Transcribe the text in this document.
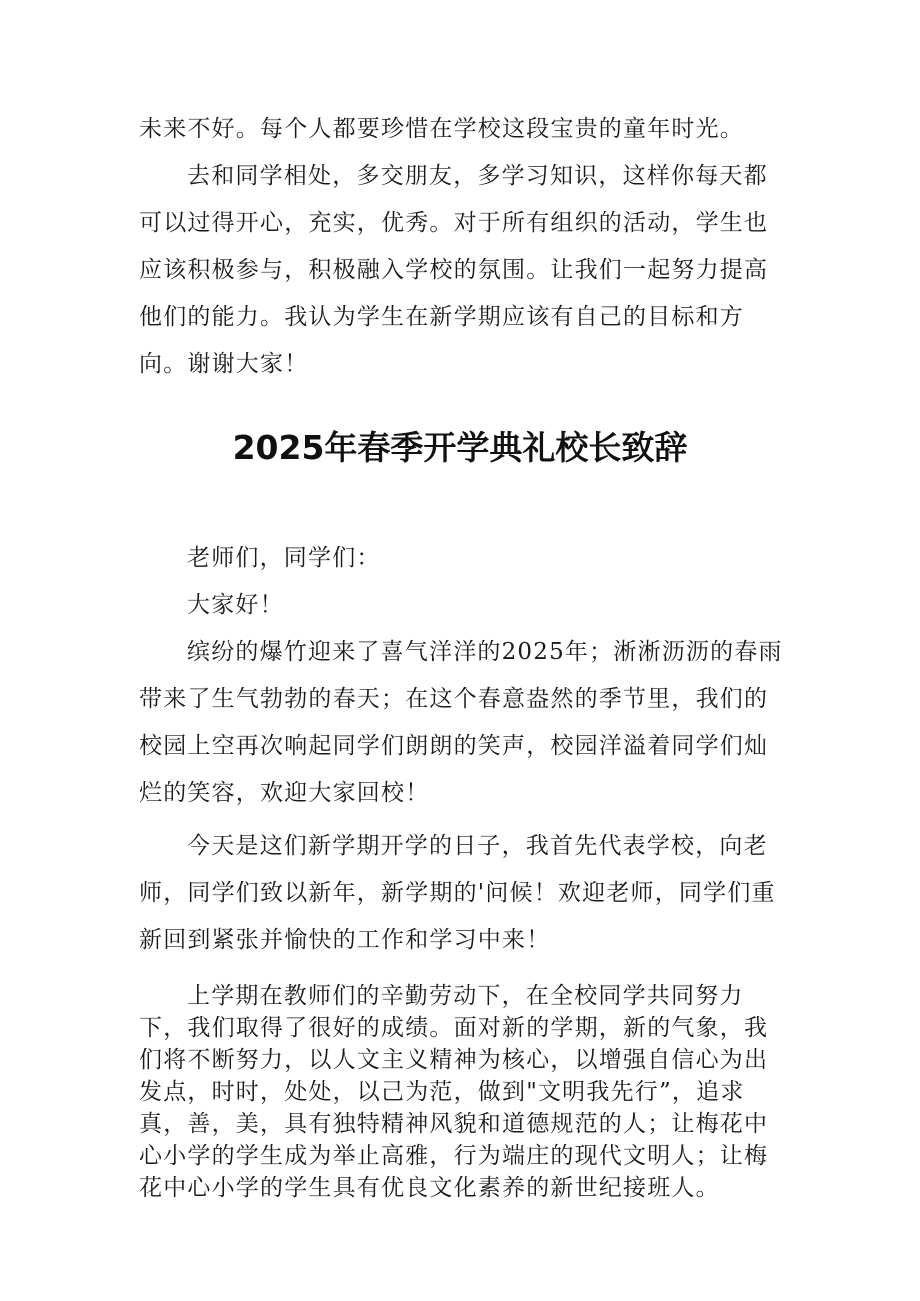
未来不好。每个人都要珍惜在学校这段宝贵的童年时光。

去和同学相处，多交朋友，多学习知识，这样你每天都可以过得开心，充实，优秀。对于所有组织的活动，学生也应该积极参与，积极融入学校的氛围。让我们一起努力提高他们的能力。我认为学生在新学期应该有自己的目标和方向。谢谢大家！

2025年春季开学典礼校长致辞

老师们，同学们：

大家好！

缤纷的爆竹迎来了喜气洋洋的2025年；淅淅沥沥的春雨带来了生气勃勃的春天；在这个春意盎然的季节里，我们的校园上空再次响起同学们朗朗的笑声，校园洋溢着同学们灿烂的笑容，欢迎大家回校！

今天是这们新学期开学的日子，我首先代表学校，向老师，同学们致以新年，新学期的'问候！欢迎老师，同学们重新回到紧张并愉快的工作和学习中来！

上学期在教师们的辛勤劳动下，在全校同学共同努力下，我们取得了很好的成绩。面对新的学期，新的气象，我们将不断努力，以人文主义精神为核心，以增强自信心为出发点，时时，处处，以己为范，做到"文明我先行”，追求真，善，美，具有独特精神风貌和道德规范的人；让梅花中心小学的学生成为举止高雅，行为端庄的现代文明人；让梅花中心小学的学生具有优良文化素养的新世纪接班人。
